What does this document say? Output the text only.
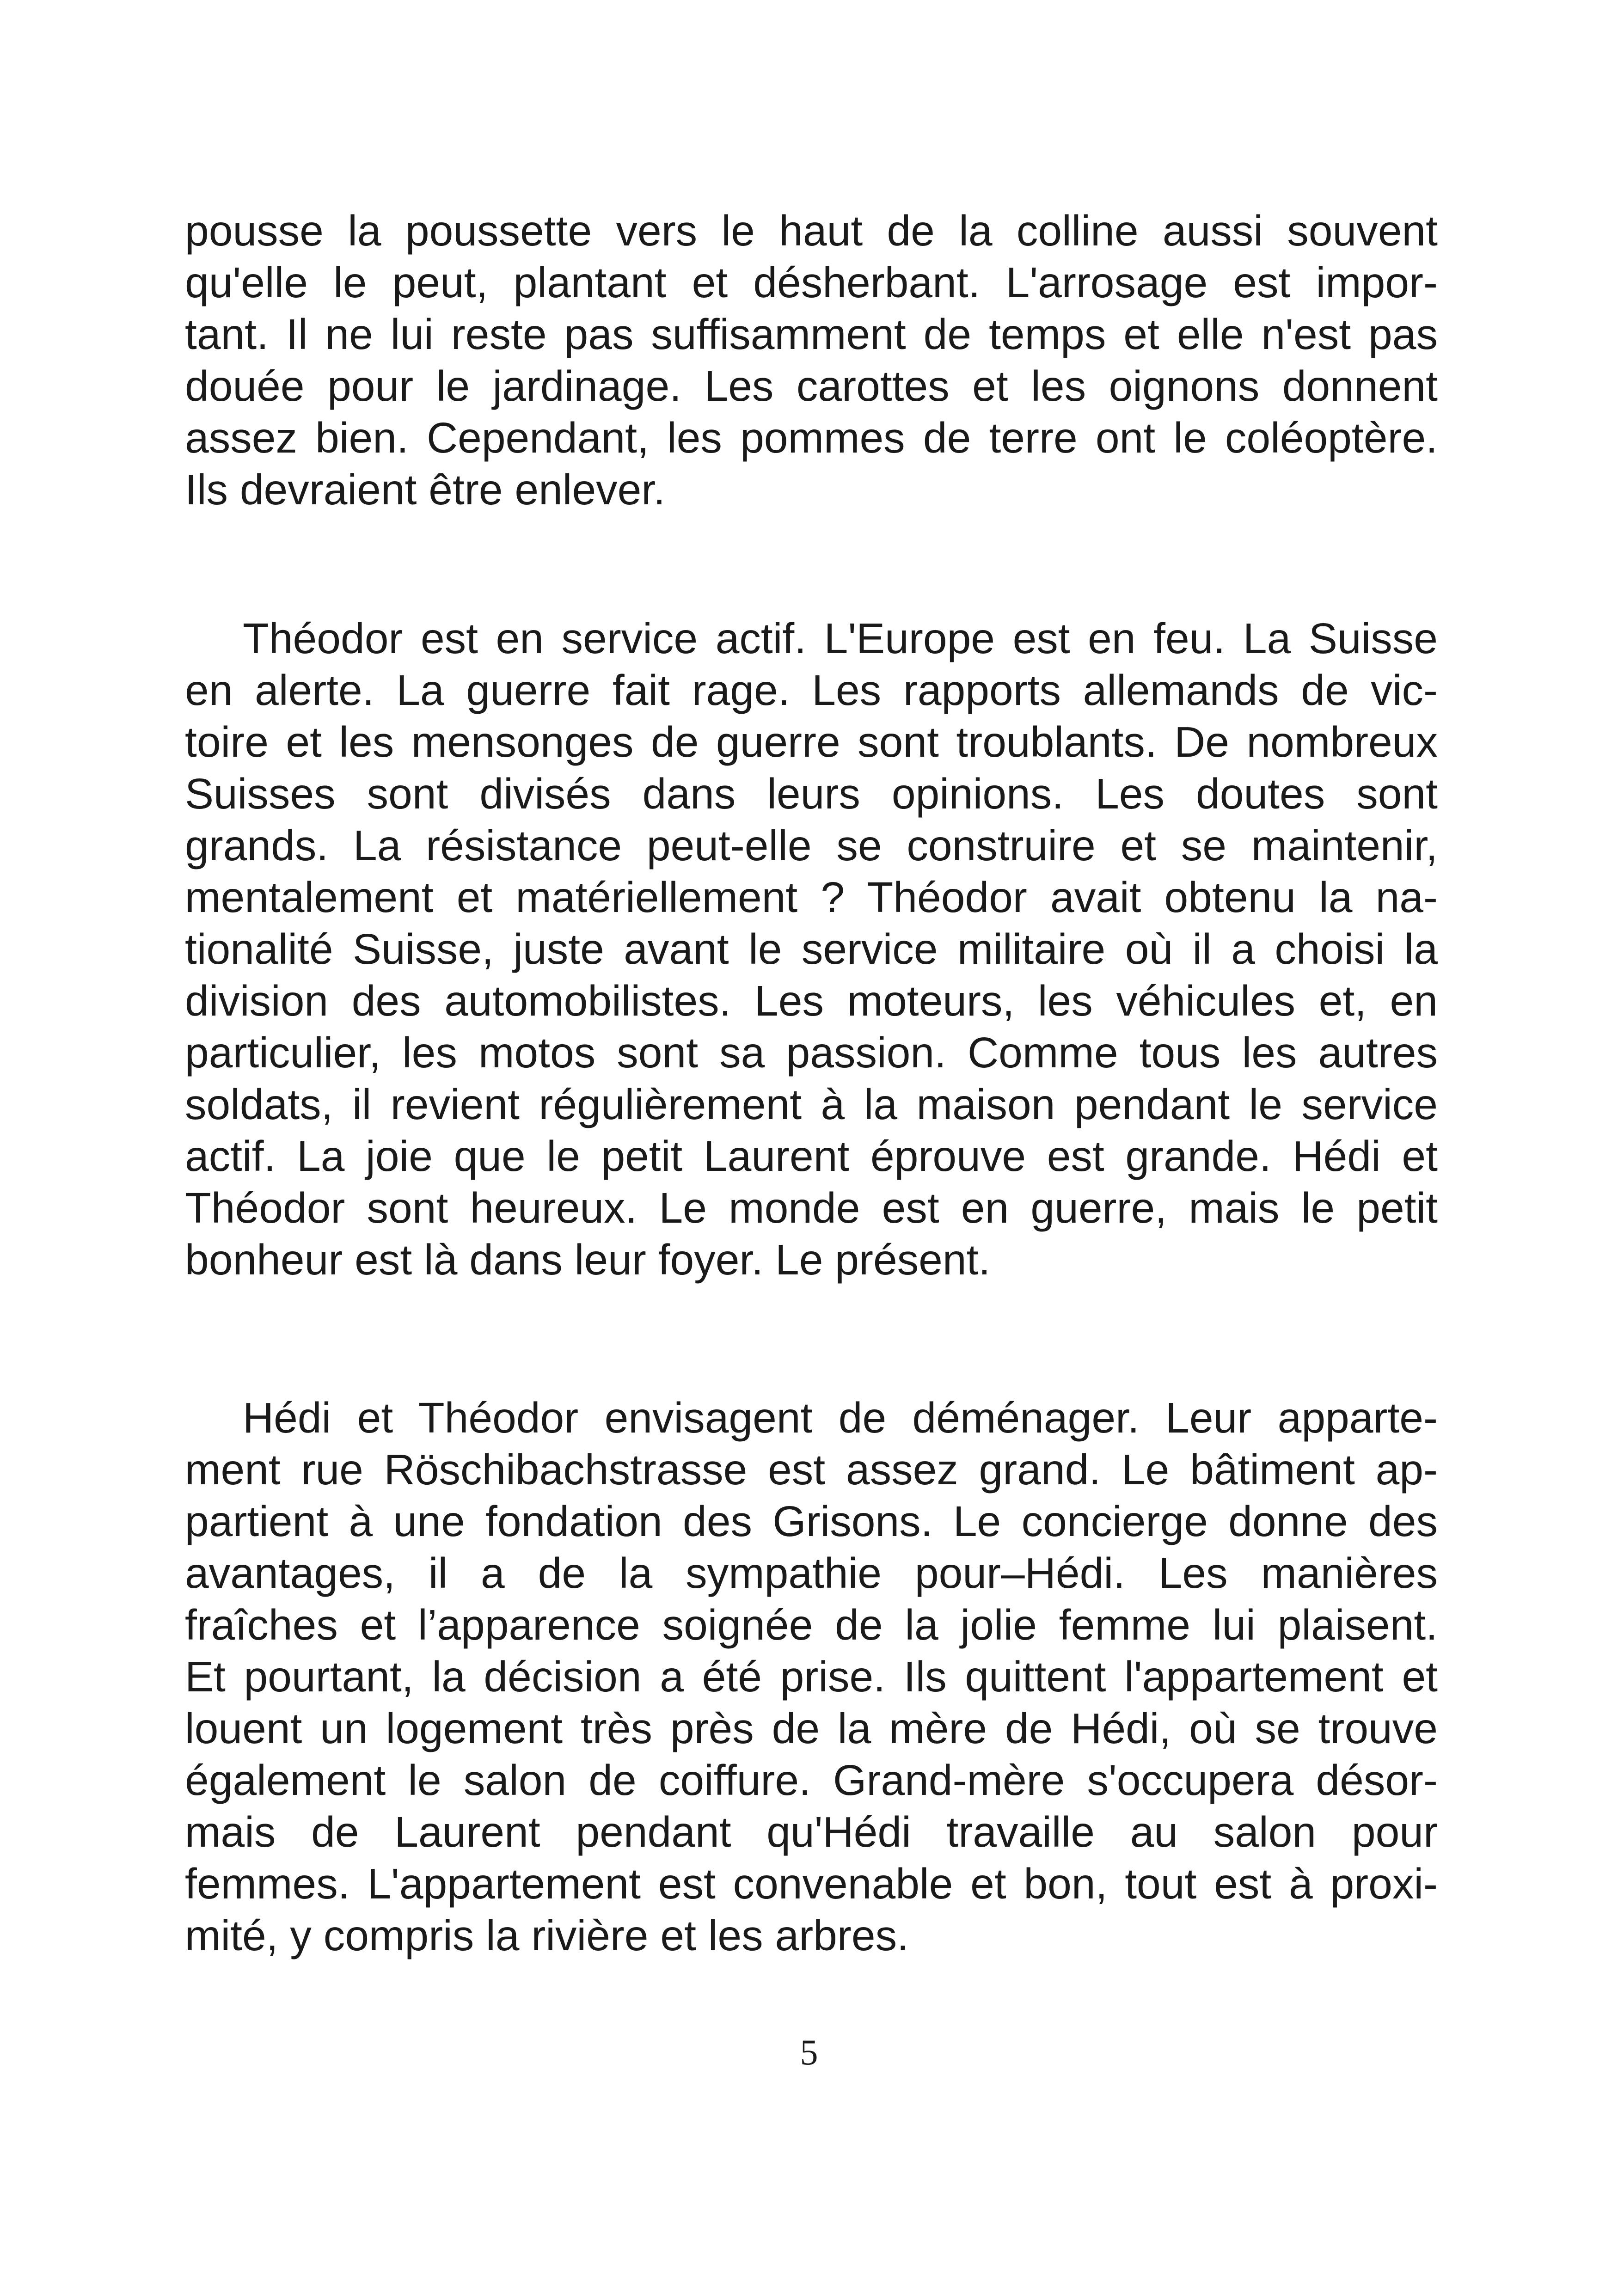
pousse la poussette vers le haut de la colline aussi souvent
qu'elle le peut, plantant et désherbant. L'arrosage est impor-
tant. Il ne lui reste pas suffisamment de temps et elle n'est pas
douée pour le jardinage. Les carottes et les oignons donnent
assez bien. Cependant, les pommes de terre ont le coléoptère.
Ils devraient être enlever.
Théodor est en service actif. L'Europe est en feu. La Suisse
en alerte. La guerre fait rage. Les rapports allemands de vic-
toire et les mensonges de guerre sont troublants. De nombreux
Suisses sont divisés dans leurs opinions. Les doutes sont
grands. La résistance peut-elle se construire et se maintenir,
mentalement et matériellement ? Théodor avait obtenu la na-
tionalité Suisse, juste avant le service militaire où il a choisi la
division des automobilistes. Les moteurs, les véhicules et, en
particulier, les motos sont sa passion. Comme tous les autres
soldats, il revient régulièrement à la maison pendant le service
actif. La joie que le petit Laurent éprouve est grande. Hédi et
Théodor sont heureux. Le monde est en guerre, mais le petit
bonheur est là dans leur foyer. Le présent.
Hédi et Théodor envisagent de déménager. Leur apparte-
ment rue Röschibachstrasse est assez grand. Le bâtiment ap-
partient à une fondation des Grisons. Le concierge donne des
avantages, il a de la sympathie pour–Hédi. Les manières
fraîches et l’apparence soignée de la jolie femme lui plaisent.
Et pourtant, la décision a été prise. Ils quittent l'appartement et
louent un logement très près de la mère de Hédi, où se trouve
également le salon de coiffure. Grand-mère s'occupera désor-
mais de Laurent pendant qu'Hédi travaille au salon pour
femmes. L'appartement est convenable et bon, tout est à proxi-
mité, y compris la rivière et les arbres.
5
